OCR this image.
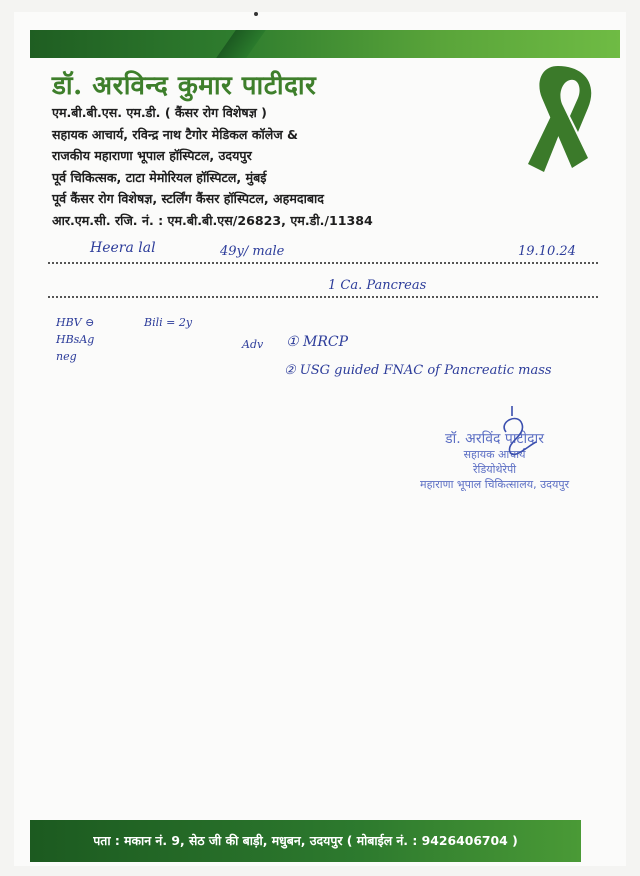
डॉ. अरविन्द कुमार पाटीदार
एम.बी.बी.एस. एम.डी. ( कैंसर रोग विशेषज्ञ )
सहायक आचार्य, रविन्द्र नाथ टैगोर मेडिकल कॉलेज &
राजकीय महाराणा भूपाल हॉस्पिटल, उदयपुर
पूर्व चिकित्सक, टाटा मेमोरियल हॉस्पिटल, मुंबई
पूर्व कैंसर रोग विशेषज्ञ, स्टर्लिंग कैंसर हॉस्पिटल, अहमदाबाद
आर.एम.सी. रजि. नं. : एम.बी.बी.एस/26823, एम.डी./11384
Heera lal	49y/ male	19.10.24
1 Ca. Pancreas
HBV ⊖
HBsAg
neg
Bili = 2y
Adv ① MRCP
② USG guided FNAC of Pancreatic mass
डॉ. अरविंद पाटीदार
सहायक आचार्य
रेडियोथेरेपी
महाराणा भूपाल चिकित्सालय, उदयपुर
पता : मकान नं. 9, सेठ जी की बाड़ी, मधुबन, उदयपुर ( मोबाईल नं. : 9426406704 )
